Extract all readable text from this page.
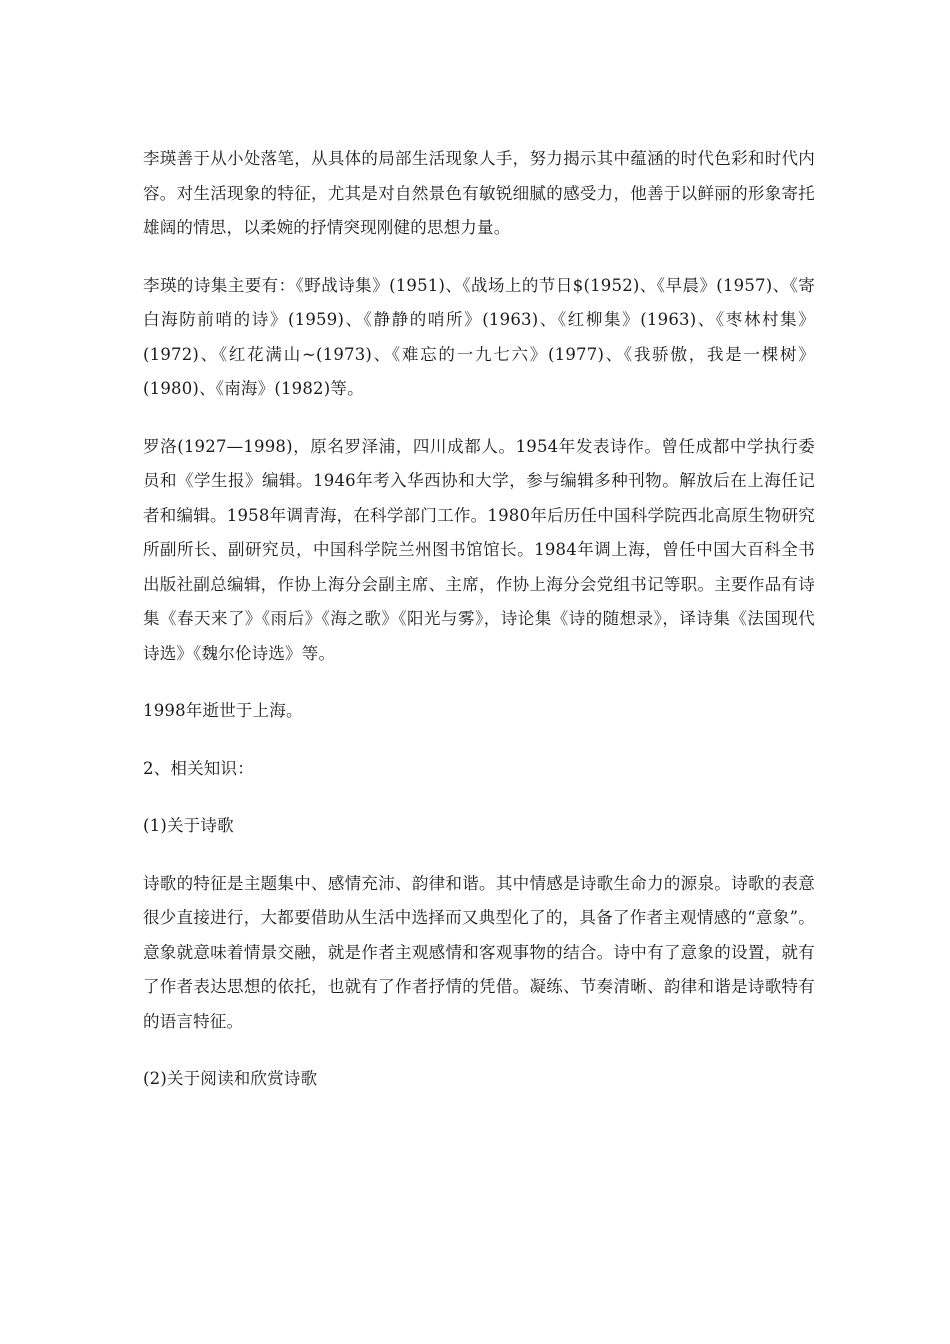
李瑛善于从小处落笔，从具体的局部生活现象人手，努力揭示其中蕴涵的时代色彩和时代内容。对生活现象的特征，尤其是对自然景色有敏锐细腻的感受力，他善于以鲜丽的形象寄托雄阔的情思，以柔婉的抒情突现刚健的思想力量。

李瑛的诗集主要有：《野战诗集》(1951)、《战场上的节日$(1952)、《早晨》(1957)、《寄白海防前哨的诗》(1959)、《静静的哨所》(1963)、《红柳集》(1963)、《枣林村集》(1972)、《红花满山~(1973)、《难忘的一九七六》(1977)、《我骄傲，我是一棵树》(1980)、《南海》(1982)等。

罗洛(1927—1998)，原名罗泽浦，四川成都人。1954年发表诗作。曾任成都中学执行委员和《学生报》编辑。1946年考入华西协和大学，参与编辑多种刊物。解放后在上海任记者和编辑。1958年调青海，在科学部门工作。1980年后历任中国科学院西北高原生物研究所副所长、副研究员，中国科学院兰州图书馆馆长。1984年调上海，曾任中国大百科全书出版社副总编辑，作协上海分会副主席、主席，作协上海分会党组书记等职。主要作品有诗集《春天来了》《雨后》《海之歌》《阳光与雾》，诗论集《诗的随想录》，译诗集《法国现代诗选》《魏尔伦诗选》等。

1998年逝世于上海。

2、相关知识：

(1)关于诗歌

诗歌的特征是主题集中、感情充沛、韵律和谐。其中情感是诗歌生命力的源泉。诗歌的表意很少直接进行，大都要借助从生活中选择而又典型化了的，具备了作者主观情感的“意象”。意象就意味着情景交融，就是作者主观感情和客观事物的结合。诗中有了意象的设置，就有了作者表达思想的依托，也就有了作者抒情的凭借。凝练、节奏清晰、韵律和谐是诗歌特有的语言特征。

(2)关于阅读和欣赏诗歌
